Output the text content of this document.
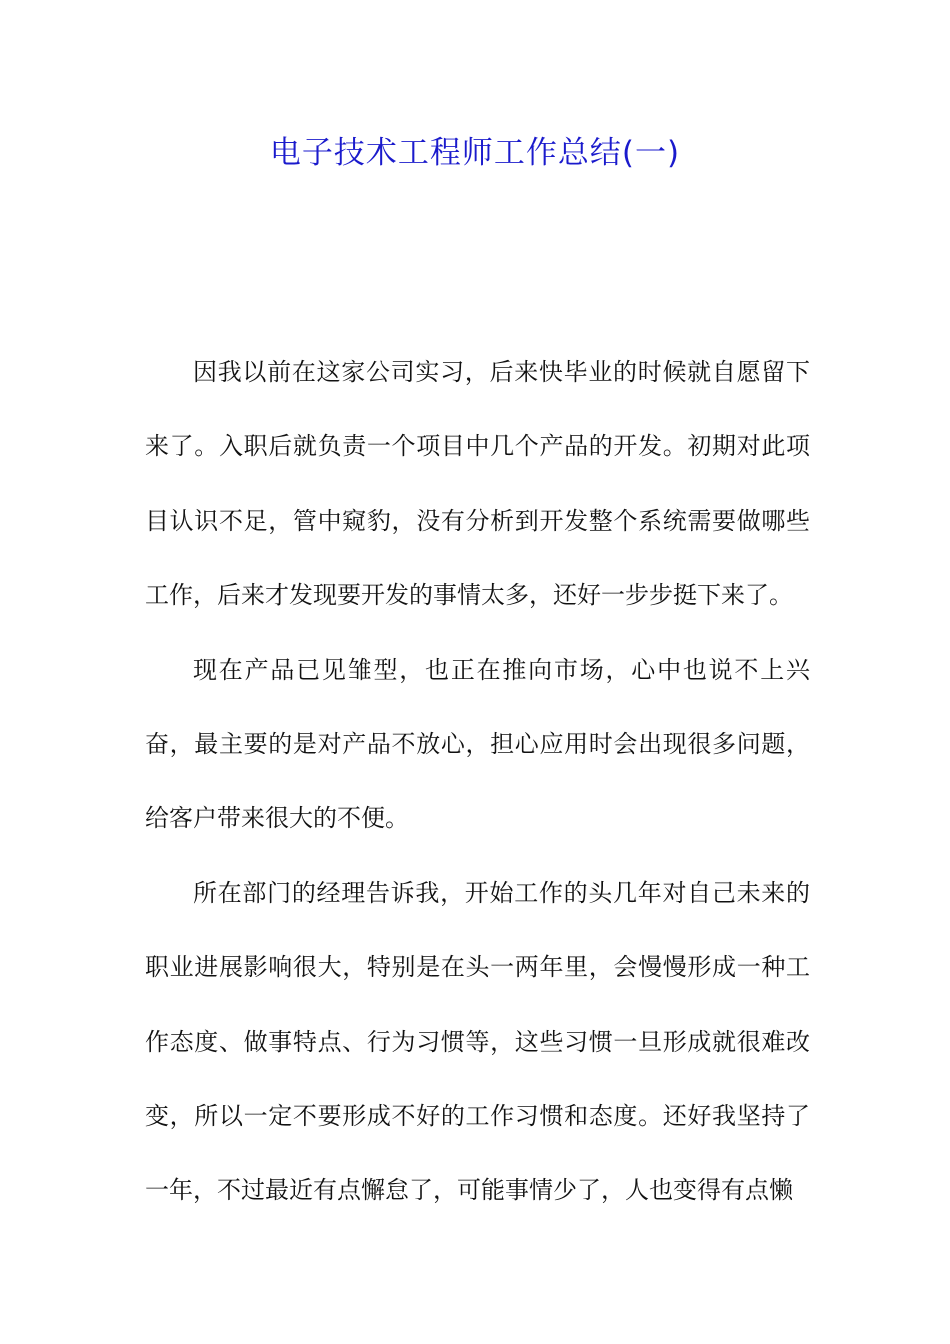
电子技术工程师工作总结(一)

因我以前在这家公司实习，后来快毕业的时候就自愿留下来了。入职后就负责一个项目中几个产品的开发。初期对此项目认识不足，管中窥豹，没有分析到开发整个系统需要做哪些工作，后来才发现要开发的事情太多，还好一步步挺下来了。

现在产品已见雏型，也正在推向市场，心中也说不上兴奋，最主要的是对产品不放心，担心应用时会出现很多问题，给客户带来很大的不便。

所在部门的经理告诉我，开始工作的头几年对自己未来的职业进展影响很大，特别是在头一两年里，会慢慢形成一种工作态度、做事特点、行为习惯等，这些习惯一旦形成就很难改变，所以一定不要形成不好的工作习惯和态度。还好我坚持了一年，不过最近有点懈怠了，可能事情少了，人也变得有点懒
